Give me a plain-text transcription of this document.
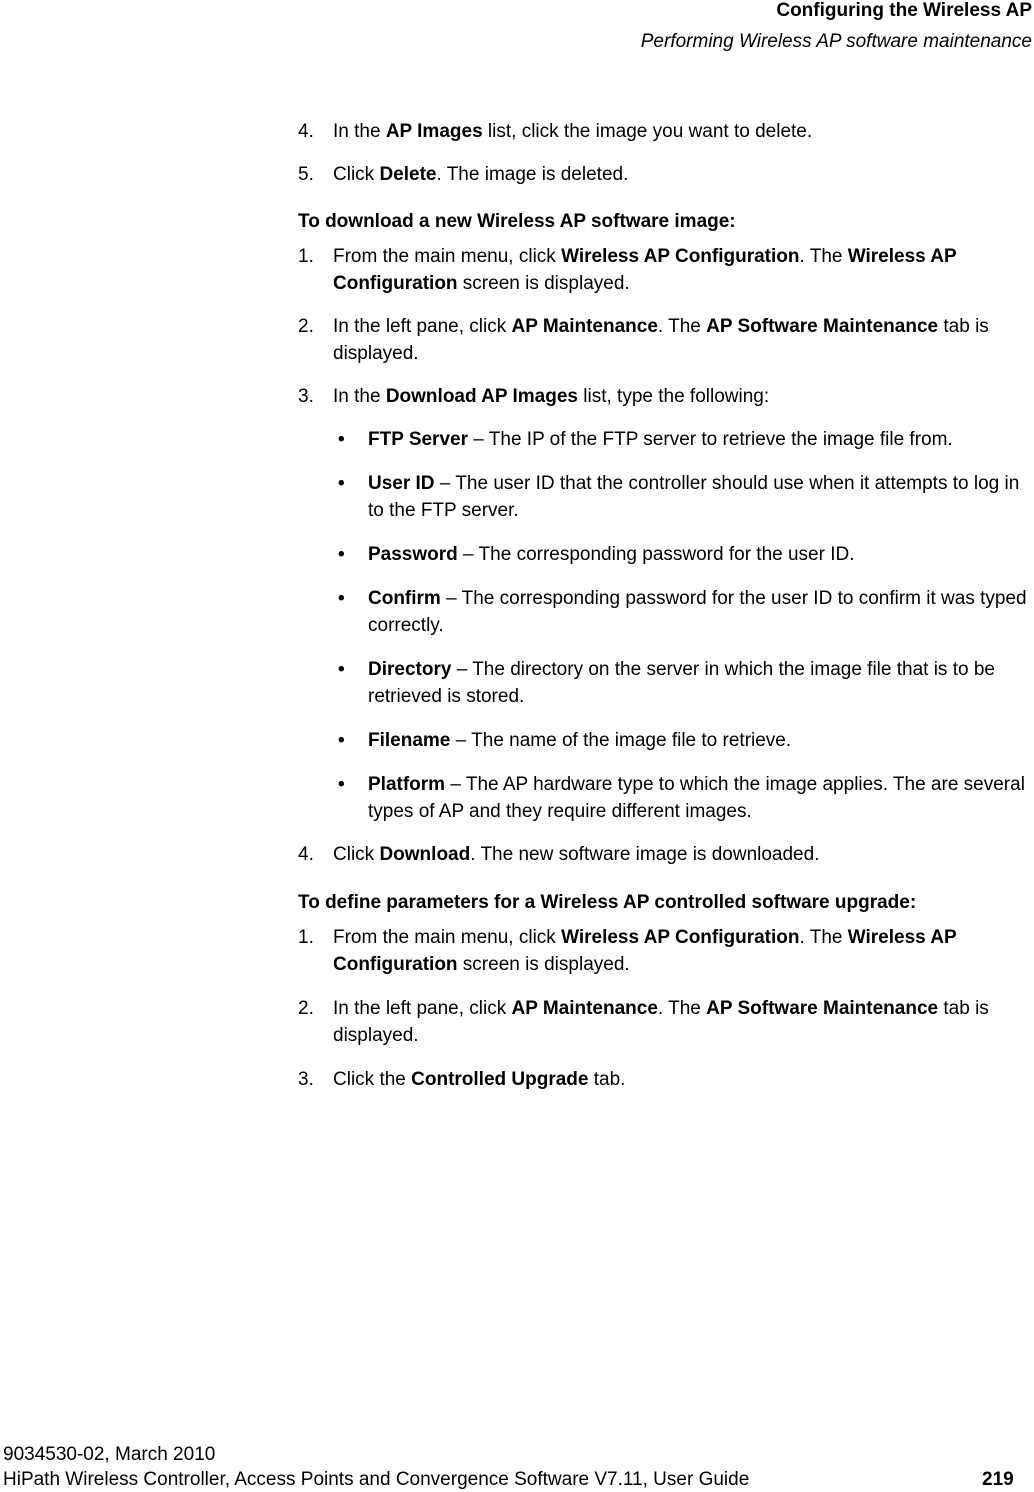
Configuring the Wireless AP
Performing Wireless AP software maintenance

4. In the AP Images list, click the image you want to delete.

5. Click Delete. The image is deleted.

To download a new Wireless AP software image:

1. From the main menu, click Wireless AP Configuration. The Wireless AP Configuration screen is displayed.

2. In the left pane, click AP Maintenance. The AP Software Maintenance tab is displayed.

3. In the Download AP Images list, type the following:

• FTP Server – The IP of the FTP server to retrieve the image file from.

• User ID – The user ID that the controller should use when it attempts to log in to the FTP server.

• Password – The corresponding password for the user ID.

• Confirm – The corresponding password for the user ID to confirm it was typed correctly.

• Directory – The directory on the server in which the image file that is to be retrieved is stored.

• Filename – The name of the image file to retrieve.

• Platform – The AP hardware type to which the image applies. The are several types of AP and they require different images.

4. Click Download. The new software image is downloaded.

To define parameters for a Wireless AP controlled software upgrade:

1. From the main menu, click Wireless AP Configuration. The Wireless AP Configuration screen is displayed.

2. In the left pane, click AP Maintenance. The AP Software Maintenance tab is displayed.

3. Click the Controlled Upgrade tab.

9034530-02, March 2010
HiPath Wireless Controller, Access Points and Convergence Software V7.11, User Guide	219
